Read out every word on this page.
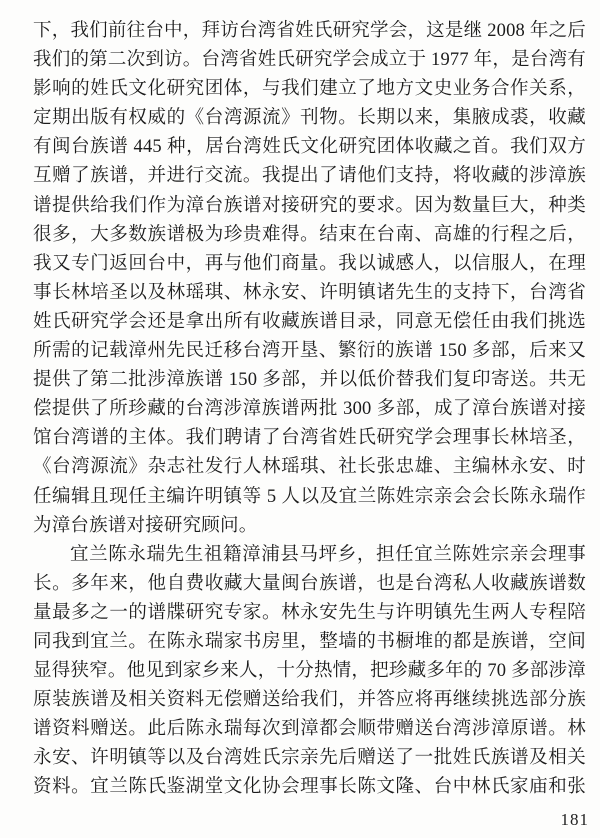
下，我们前往台中，拜访台湾省姓氏研究学会，这是继 2008 年之后
我们的第二次到访。台湾省姓氏研究学会成立于 1977 年，是台湾有
影响的姓氏文化研究团体，与我们建立了地方文史业务合作关系，
定期出版有权威的《台湾源流》刊物。长期以来，集腋成裘，收藏
有闽台族谱 445 种，居台湾姓氏文化研究团体收藏之首。我们双方
互赠了族谱，并进行交流。我提出了请他们支持，将收藏的涉漳族
谱提供给我们作为漳台族谱对接研究的要求。因为数量巨大，种类
很多，大多数族谱极为珍贵难得。结束在台南、高雄的行程之后，
我又专门返回台中，再与他们商量。我以诚感人，以信服人，在理
事长林培圣以及林瑶琪、林永安、许明镇诸先生的支持下，台湾省
姓氏研究学会还是拿出所有收藏族谱目录，同意无偿任由我们挑选
所需的记载漳州先民迁移台湾开垦、繁衍的族谱 150 多部，后来又
提供了第二批涉漳族谱 150 多部，并以低价替我们复印寄送。共无
偿提供了所珍藏的台湾涉漳族谱两批 300 多部，成了漳台族谱对接
馆台湾谱的主体。我们聘请了台湾省姓氏研究学会理事长林培圣，
《台湾源流》杂志社发行人林瑶琪、社长张忠雄、主编林永安、时
任编辑且现任主编许明镇等 5 人以及宜兰陈姓宗亲会会长陈永瑞作
为漳台族谱对接研究顾问。
宜兰陈永瑞先生祖籍漳浦县马坪乡，担任宜兰陈姓宗亲会理事
长。多年来，他自费收藏大量闽台族谱，也是台湾私人收藏族谱数
量最多之一的谱牒研究专家。林永安先生与许明镇先生两人专程陪
同我到宜兰。在陈永瑞家书房里，整墙的书橱堆的都是族谱，空间
显得狭窄。他见到家乡来人，十分热情，把珍藏多年的 70 多部涉漳
原装族谱及相关资料无偿赠送给我们，并答应将再继续挑选部分族
谱资料赠送。此后陈永瑞每次到漳都会顺带赠送台湾涉漳原谱。林
永安、许明镇等以及台湾姓氏宗亲先后赠送了一批姓氏族谱及相关
资料。宜兰陈氏鉴湖堂文化协会理事长陈文隆、台中林氏家庙和张
181
